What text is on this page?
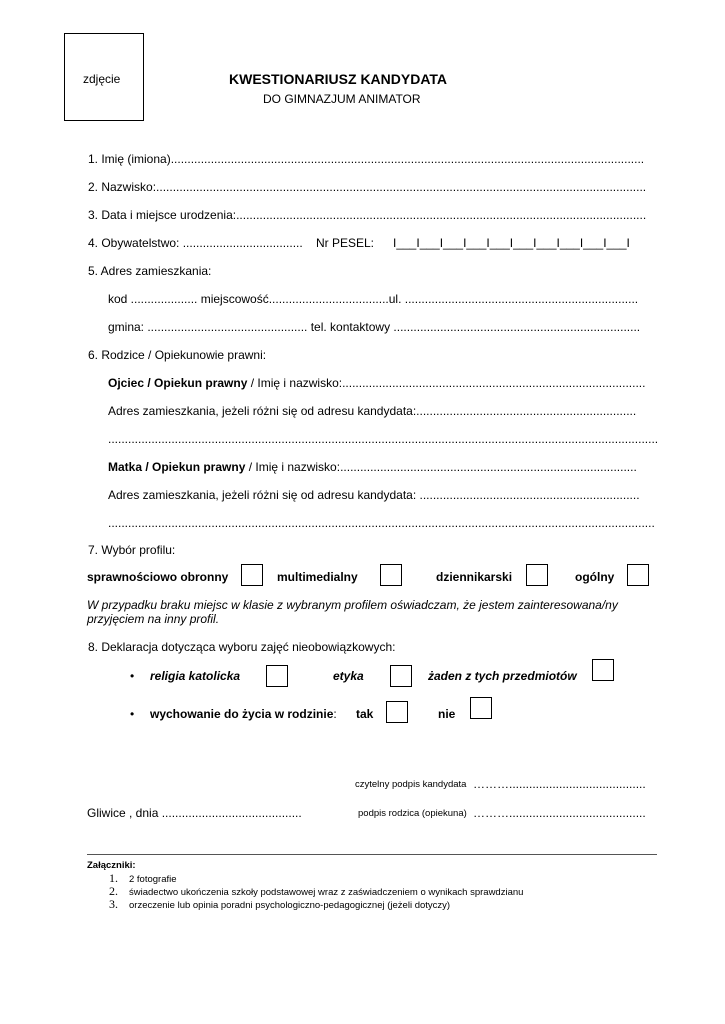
zdjęcie	KWESTIONARIUSZ KANDYDATA
DO GIMNAZJUM ANIMATOR
1. Imię (imiona)..............................................................................................................................................
2. Nazwisko:...................................................................................................................................................
3. Data i miejsce urodzenia:...........................................................................................................................
4. Obywatelstwo: .................................... Nr PESEL: I___I___I___I___I___I___I___I___I___I___I
5. Adres zamieszkania:
kod .................... miejscowość....................................ul. ......................................................................
gmina: ................................................ tel. kontaktowy ..........................................................................
6. Rodzice / Opiekunowie prawni:
Ojciec / Opiekun prawny / Imię i nazwisko:...........................................................................................
Adres zamieszkania, jeżeli różni się od adresu kandydata:..................................................................
.....................................................................................................................................................................
Matka / Opiekun prawny / Imię i nazwisko:.........................................................................................
Adres zamieszkania, jeżeli różni się od adresu kandydata: ..................................................................
....................................................................................................................................................................
7. Wybór profilu:
sprawnościowo obronny	multimedialny	dziennikarski	ogólny
W przypadku braku miejsc w klasie z wybranym profilem oświadczam, że jestem zainteresowana/ny
przyjęciem na inny profil.
8. Deklaracja dotycząca wyboru zajęć nieobowiązkowych:
• religia katolicka	etyka	żaden z tych przedmiotów
• wychowanie do życia w rodzinie: tak	nie
czytelny podpis kandydata ……….........................................
Gliwice , dnia ..........................................	podpis rodzica (opiekuna) ……….........................................
Załączniki:
1. 2 fotografie
2. świadectwo ukończenia szkoły podstawowej wraz z zaświadczeniem o wynikach sprawdzianu
3. orzeczenie lub opinia poradni psychologiczno-pedagogicznej (jeżeli dotyczy)
